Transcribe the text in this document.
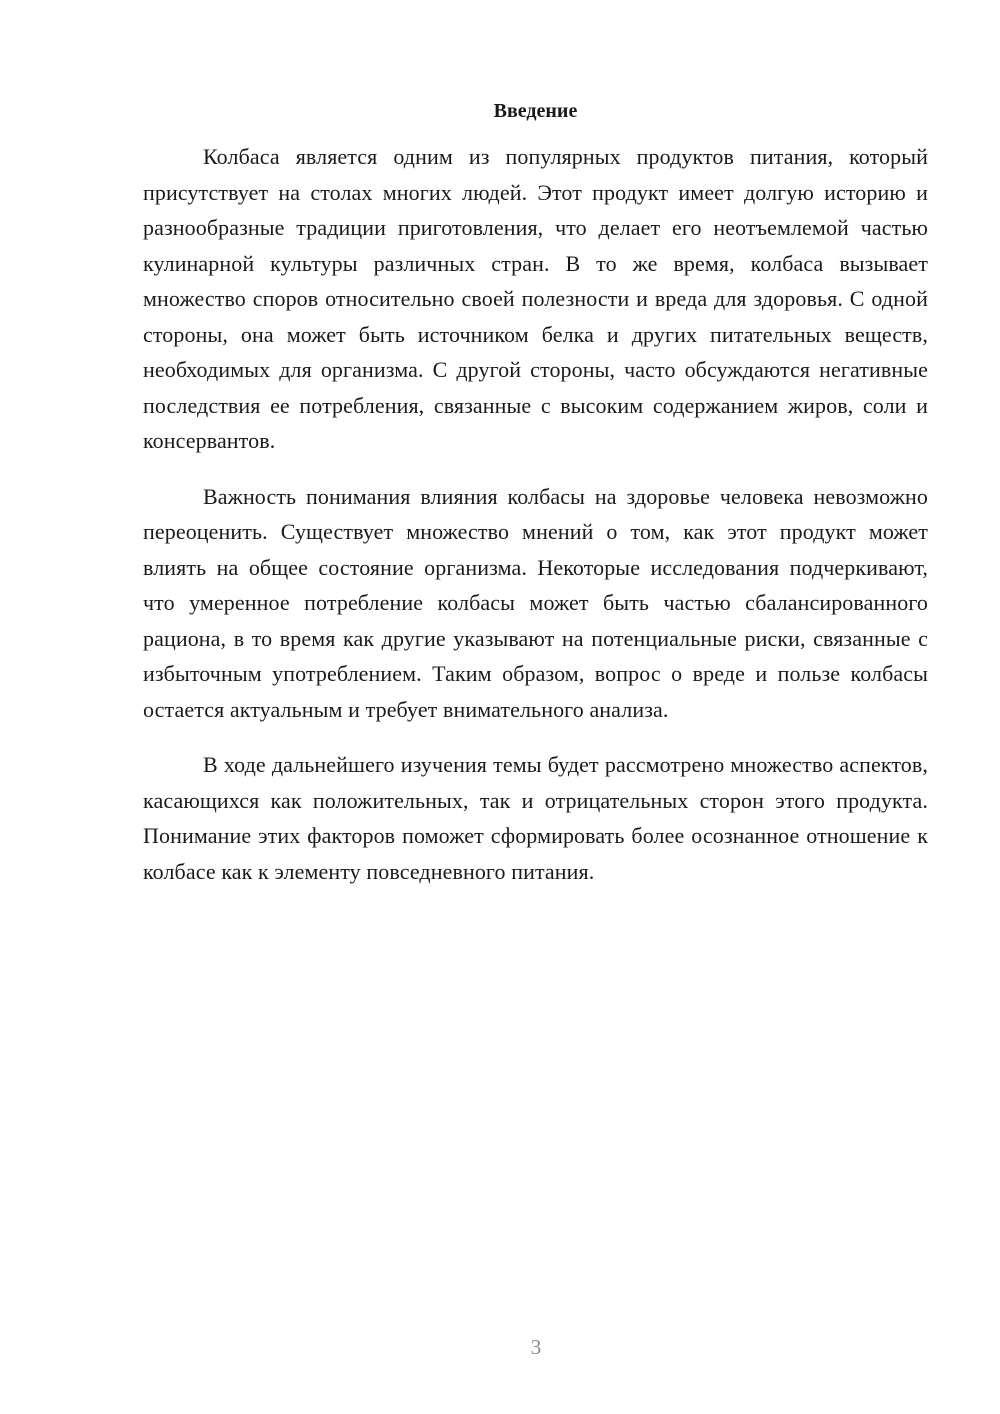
Введение

Колбаса является одним из популярных продуктов питания, который присутствует на столах многих людей. Этот продукт имеет долгую историю и разнообразные традиции приготовления, что делает его неотъемлемой частью кулинарной культуры различных стран. В то же время, колбаса вызывает множество споров относительно своей полезности и вреда для здоровья. С одной стороны, она может быть источником белка и других питательных веществ, необходимых для организма. С другой стороны, часто обсуждаются негативные последствия ее потребления, связанные с высоким содержанием жиров, соли и консервантов.

Важность понимания влияния колбасы на здоровье человека невозможно переоценить. Существует множество мнений о том, как этот продукт может влиять на общее состояние организма. Некоторые исследования подчеркивают, что умеренное потребление колбасы может быть частью сбалансированного рациона, в то время как другие указывают на потенциальные риски, связанные с избыточным употреблением. Таким образом, вопрос о вреде и пользе колбасы остается актуальным и требует внимательного анализа.

В ходе дальнейшего изучения темы будет рассмотрено множество аспектов, касающихся как положительных, так и отрицательных сторон этого продукта. Понимание этих факторов поможет сформировать более осознанное отношение к колбасе как к элементу повседневного питания.

3
